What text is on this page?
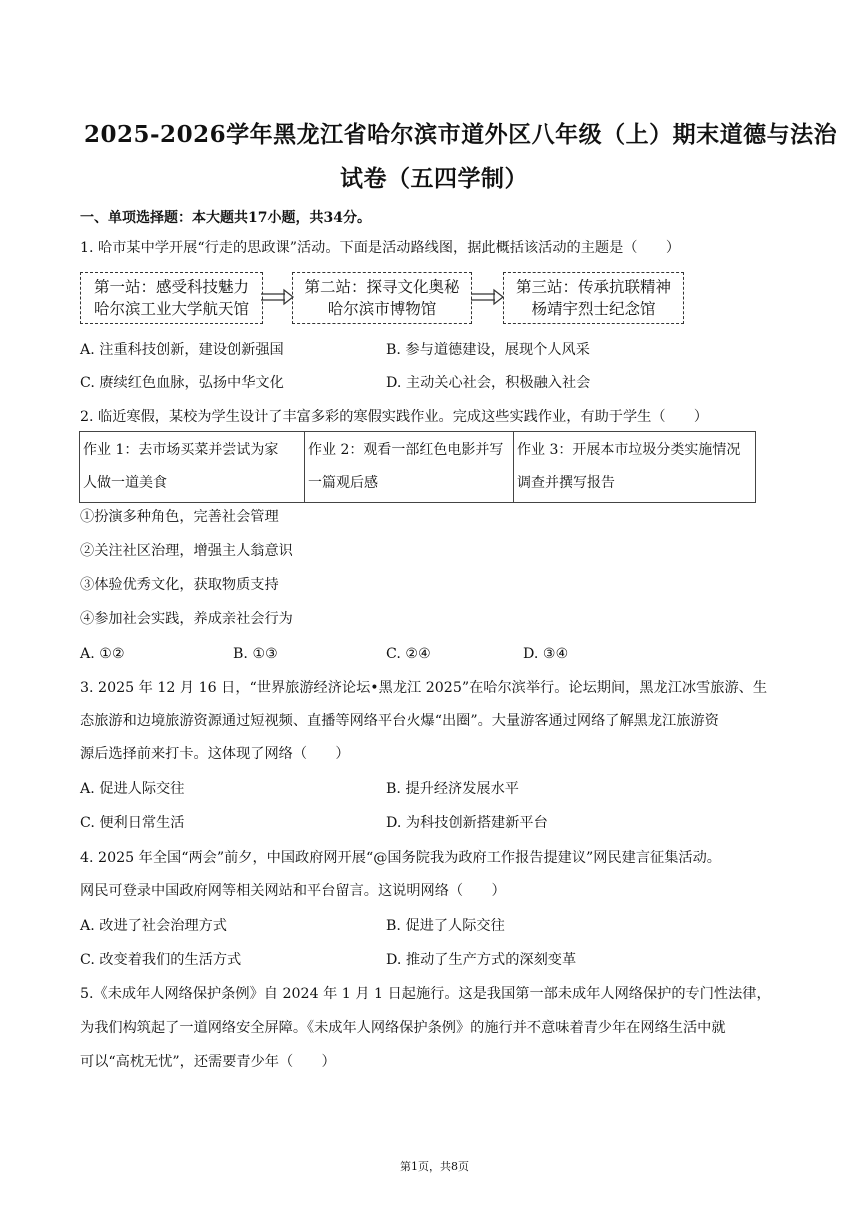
2025-2026学年黑龙江省哈尔滨市道外区八年级（上）期末道德与法治
试卷（五四学制）
一、单项选择题：本大题共17小题，共34分。
1. 哈市某中学开展“行走的思政课”活动。下面是活动路线图，据此概括该活动的主题是（　　）
第一站：感受科技魅力
哈尔滨工业大学航天馆
第二站：探寻文化奥秘
哈尔滨市博物馆
第三站：传承抗联精神
杨靖宇烈士纪念馆
A. 注重科技创新，建设创新强国	B. 参与道德建设，展现个人风采
C. 赓续红色血脉，弘扬中华文化	D. 主动关心社会，积极融入社会
2. 临近寒假，某校为学生设计了丰富多彩的寒假实践作业。完成这些实践作业，有助于学生（　　）
作业 1：去市场买菜并尝试为家
人做一道美食

作业 2：观看一部红色电影并写
一篇观后感

作业 3：开展本市垃圾分类实施情况
调查并撰写报告
①扮演多种角色，完善社会管理
②关注社区治理，增强主人翁意识
③体验优秀文化，获取物质支持
④参加社会实践，养成亲社会行为
A. ①②	B. ①③	C. ②④	D. ③④
3. 2025 年 12 月 16 日，“世界旅游经济论坛•黑龙江 2025”在哈尔滨举行。论坛期间，黑龙江冰雪旅游、生
态旅游和边境旅游资源通过短视频、直播等网络平台火爆“出圈”。大量游客通过网络了解黑龙江旅游资
源后选择前来打卡。这体现了网络（　　）
A. 促进人际交往	B. 提升经济发展水平
C. 便利日常生活	D. 为科技创新搭建新平台
4. 2025 年全国“两会”前夕，中国政府网开展“@国务院我为政府工作报告提建议”网民建言征集活动。
网民可登录中国政府网等相关网站和平台留言。这说明网络（　　）
A. 改进了社会治理方式	B. 促进了人际交往
C. 改变着我们的生活方式	D. 推动了生产方式的深刻变革
5.《未成年人网络保护条例》自 2024 年 1 月 1 日起施行。这是我国第一部未成年人网络保护的专门性法律，
为我们构筑起了一道网络安全屏障。《未成年人网络保护条例》的施行并不意味着青少年在网络生活中就
可以“高枕无忧”，还需要青少年（　　）
第1页，共8页
